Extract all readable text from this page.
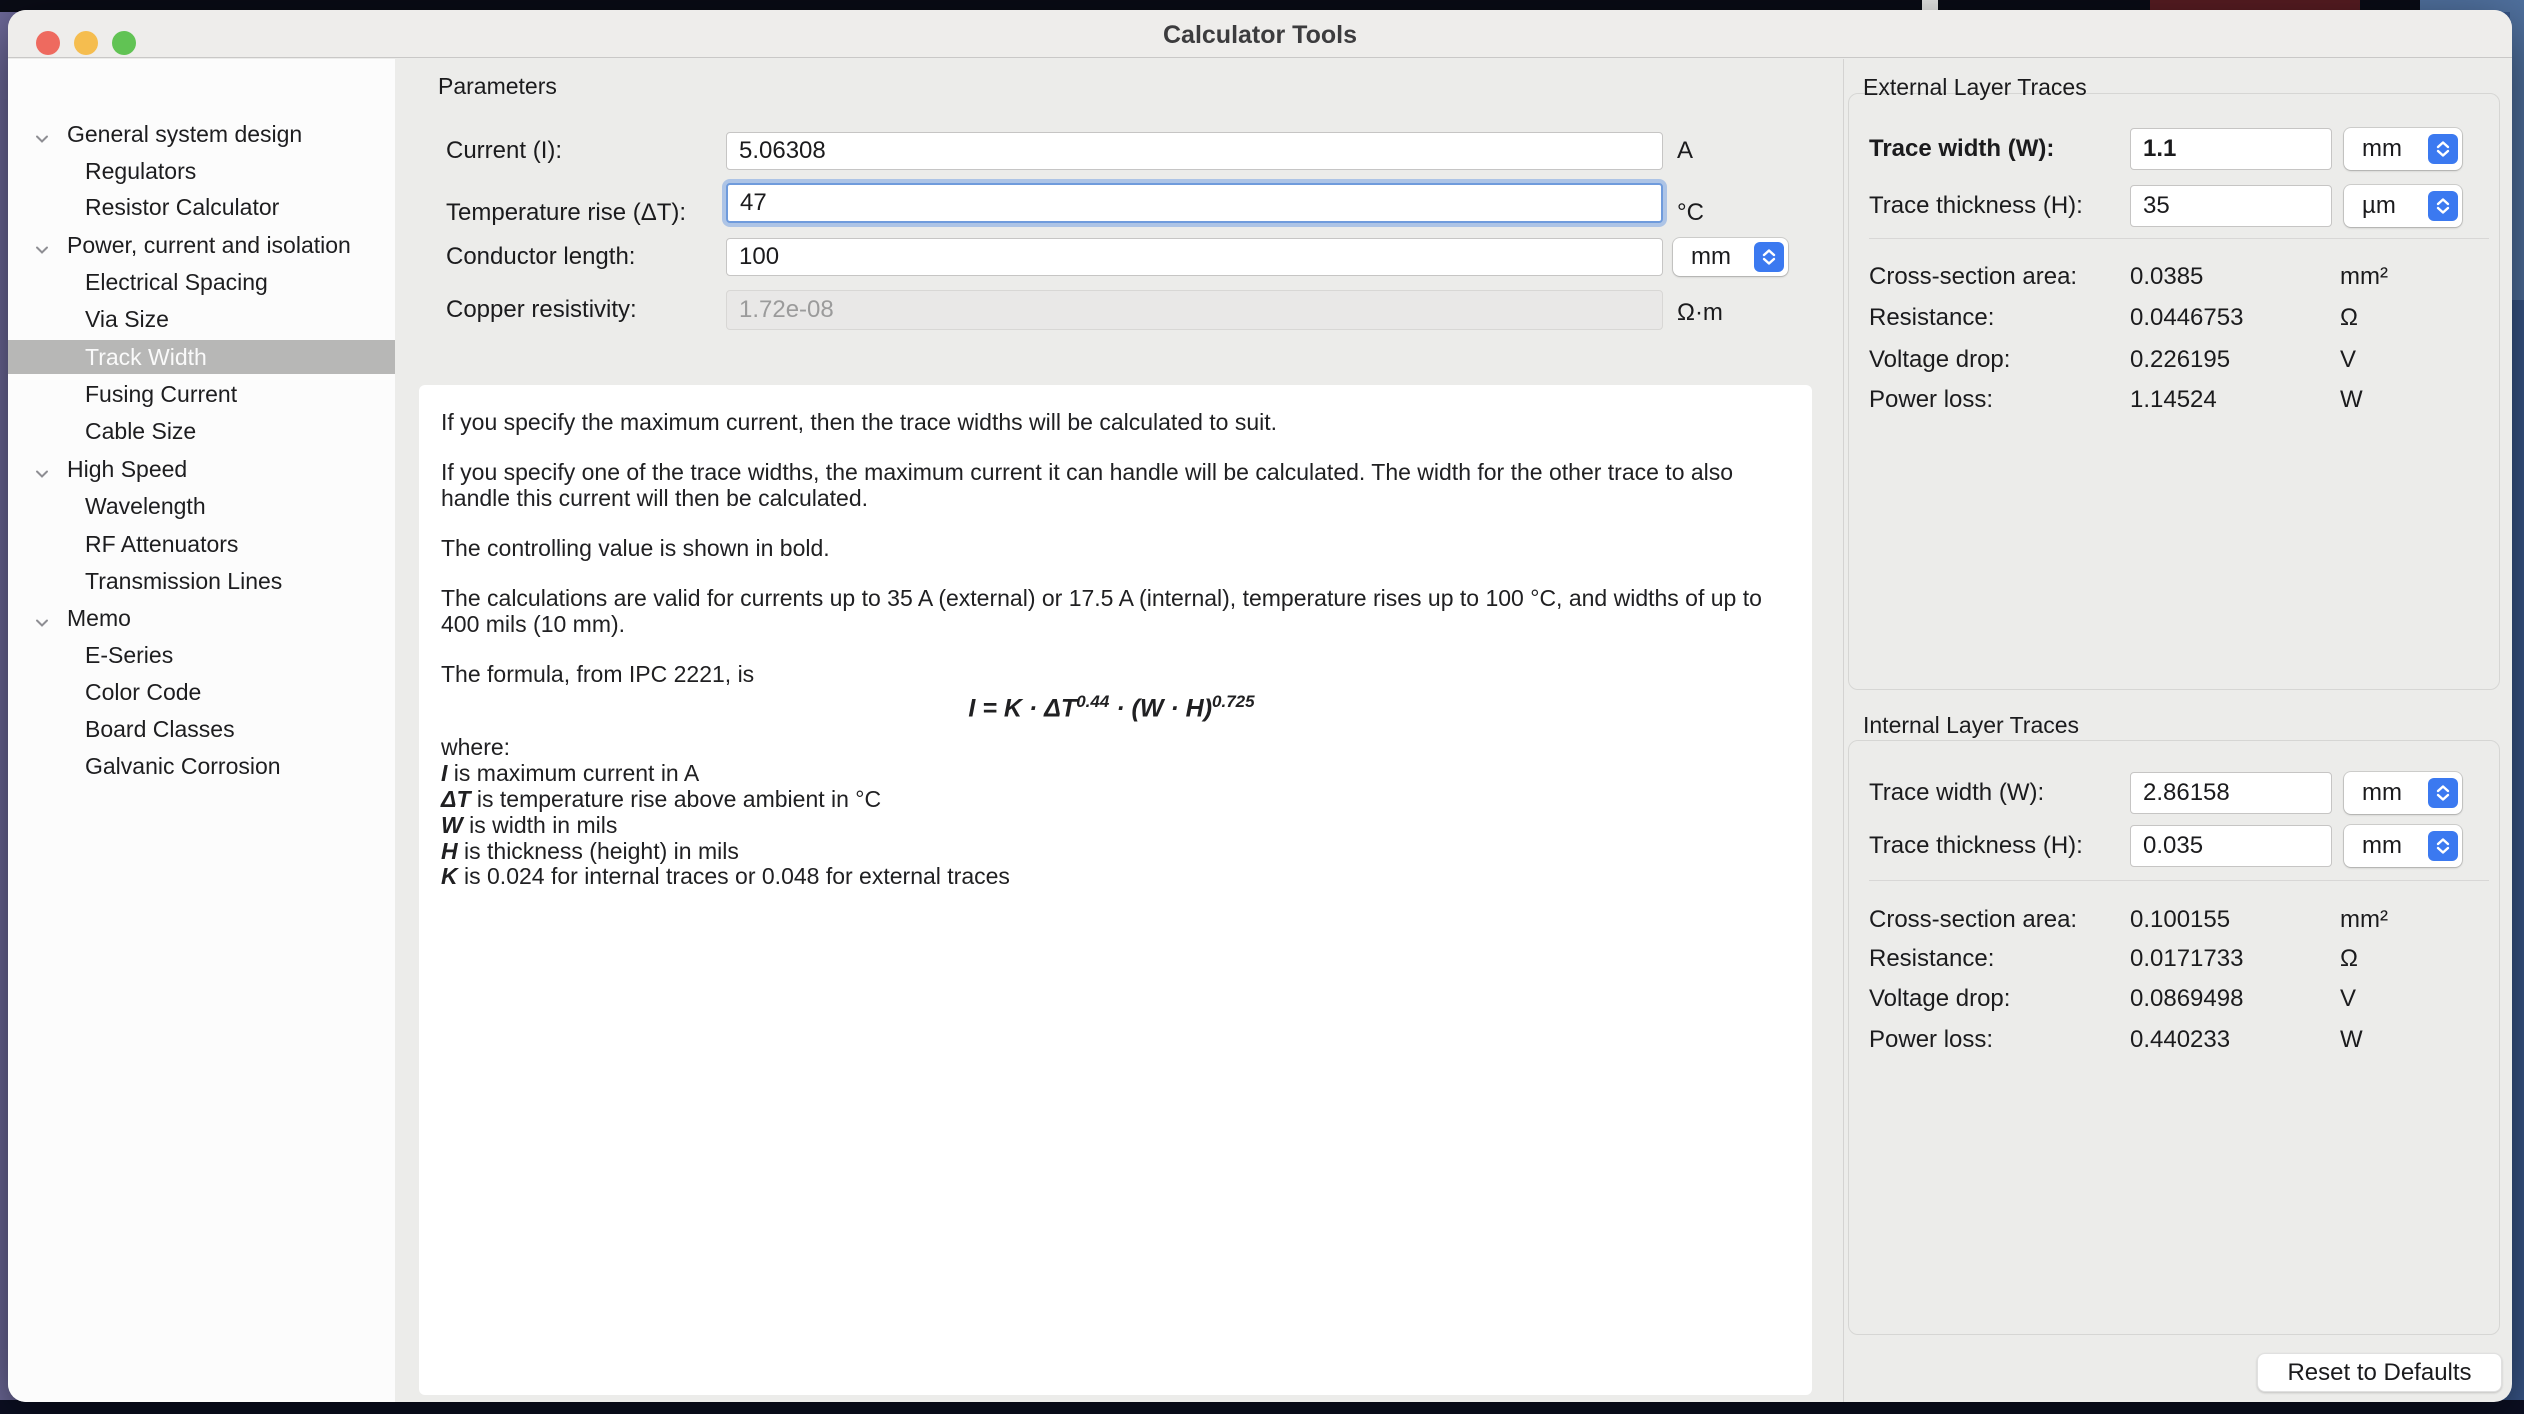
Calculator Tools
General system design
Regulators
Resistor Calculator
Power, current and isolation
Electrical Spacing
Via Size
Track Width
Fusing Current
Cable Size
High Speed
Wavelength
RF Attenuators
Transmission Lines
Memo
E-Series
Color Code
Board Classes
Galvanic Corrosion
Parameters
Current (I):
5.06308	A
Temperature rise (ΔT):
47	°C
Conductor length:
100	mm
Copper resistivity:
1.72e-08	Ω·m

If you specify the maximum current, then the trace widths will be calculated to suit.

If you specify one of the trace widths, the maximum current it can handle will be calculated. The width for the other trace to also handle this current will then be calculated.

The controlling value is shown in bold.

The calculations are valid for currents up to 35 A (external) or 17.5 A (internal), temperature rises up to 100 °C, and widths of up to 400 mils (10 mm).

The formula, from IPC 2221, is

$I = K \cdot \Delta T^{0.44} \cdot (W \cdot H)^{0.725}$
where:
I is maximum current in A
ΔT is temperature rise above ambient in °C
W is width in mils
H is thickness (height) in mils
K is 0.024 for internal traces or 0.048 for external traces
External Layer Traces
Trace width (W):
1.1	mm
Trace thickness (H):
35	µm
Cross-section area: 0.0385	mm²
Resistance:	0.0446753	Ω
Voltage drop:	0.226195	V
Power loss:	1.14524	W
Internal Layer Traces
Trace width (W):
2.86158	mm
Trace thickness (H):
0.035	mm
Cross-section area: 0.100155	mm²
Resistance:	0.0171733	Ω
Voltage drop:	0.0869498	V
Power loss:	0.440233	W
Reset to Defaults
